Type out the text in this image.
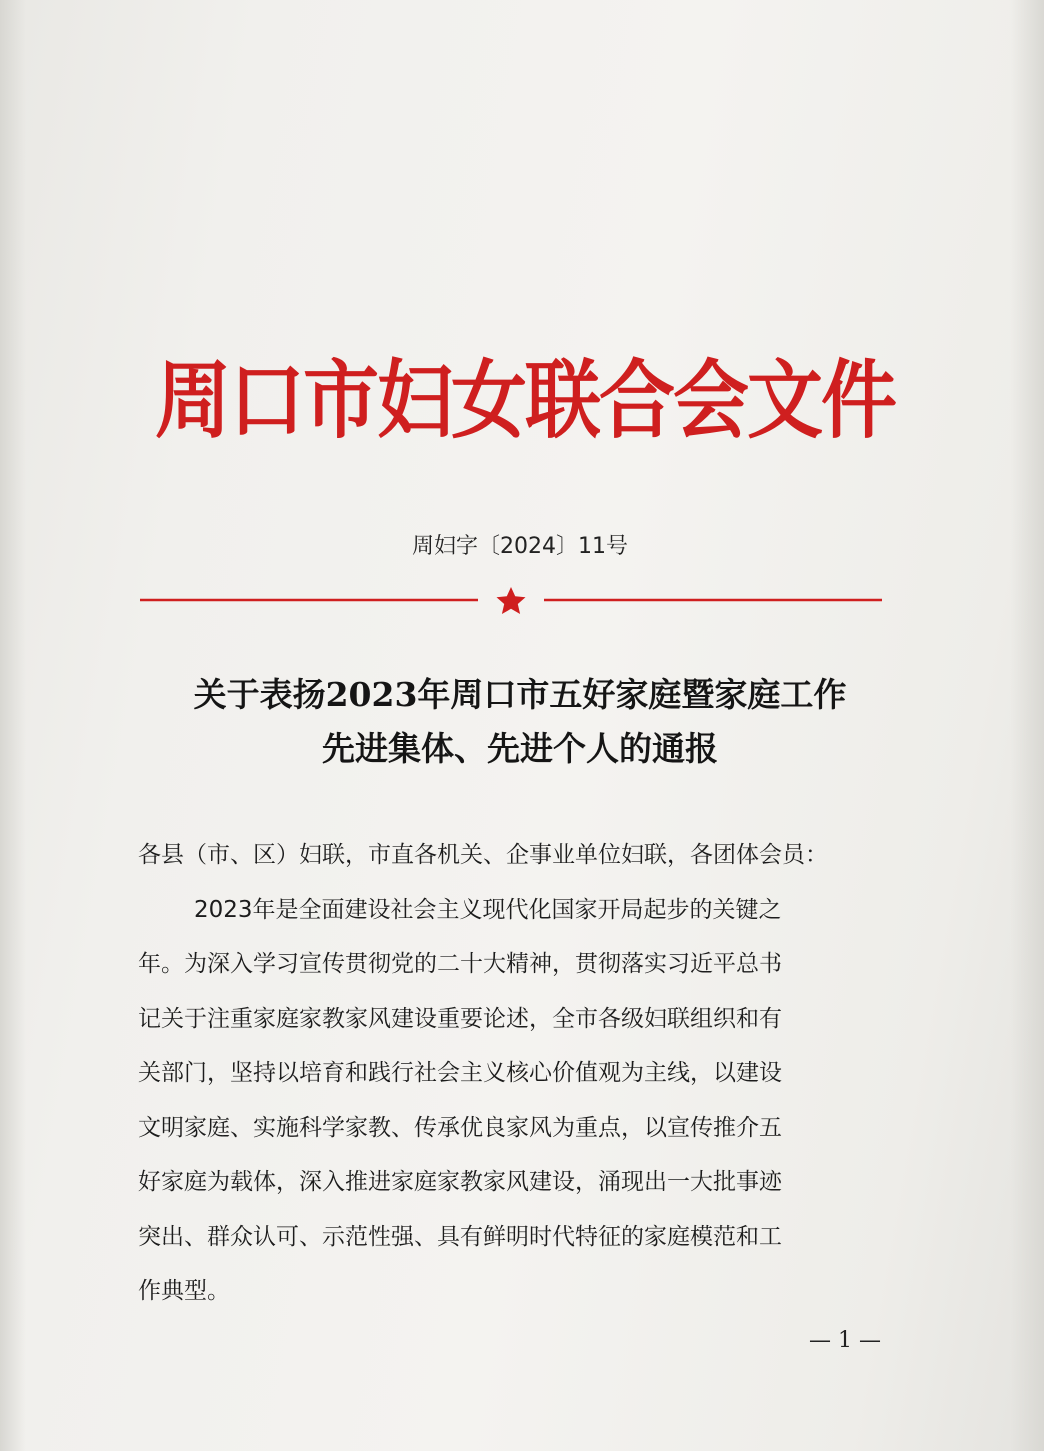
周口市妇女联合会文件
周妇字〔2024〕11号
关于表扬2023年周口市五好家庭暨家庭工作
先进集体、先进个人的通报
各县（市、区）妇联，市直各机关、企事业单位妇联，各团体会员：
2023年是全面建设社会主义现代化国家开局起步的关键之
年。为深入学习宣传贯彻党的二十大精神，贯彻落实习近平总书
记关于注重家庭家教家风建设重要论述，全市各级妇联组织和有
关部门，坚持以培育和践行社会主义核心价值观为主线，以建设
文明家庭、实施科学家教、传承优良家风为重点，以宣传推介五
好家庭为载体，深入推进家庭家教家风建设，涌现出一大批事迹
突出、群众认可、示范性强、具有鲜明时代特征的家庭模范和工
作典型。
— 1 —
